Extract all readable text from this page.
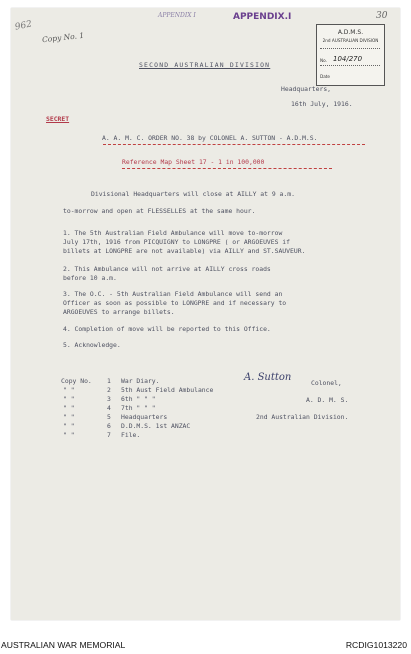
962
Copy No. 1
APPENDIX I	APPENDIX.I	30
A.D.M.S.
2nd AUSTRALIAN DIVISION
No. 104/270
Date
SECOND AUSTRALIAN DIVISION
Headquarters,
16th July, 1916.
SECRET
A. A. M. C. ORDER NO. 38 by COLONEL A. SUTTON - A.D.M.S.
Reference Map Sheet 17 - 1 in 100,000
Divisional Headquarters will close at AILLY at 9 a.m.
to-morrow and open at FLESSELLES at the same hour.
1. The 5th Australian Field Ambulance will move to-morrow
July 17th, 1916 from PICQUIGNY to LONGPRE ( or ARGOEUVES if
billets at LONGPRE are not available) via AILLY and ST.SAUVEUR.
2. This Ambulance will not arrive at AILLY cross roads
before 10 a.m.
3. The O.C. - 5th Australian Field Ambulance will send an
Officer as soon as possible to LONGPRE and if necessary to
ARGOEUVES to arrange billets.
4. Completion of move will be reported to this Office.
5. Acknowledge.
Copy No. 1 War Diary.
" "	2 5th Aust Field Ambulance
" "	3 6th " " "
" "	4 7th " " "
" "	5 Headquarters
" "	6 D.D.M.S. 1st ANZAC
" "	7 File.
A. Sutton	Colonel,
A. D. M. S.
2nd Australian Division.
AUSTRALIAN WAR MEMORIAL	RCDIG1013220
